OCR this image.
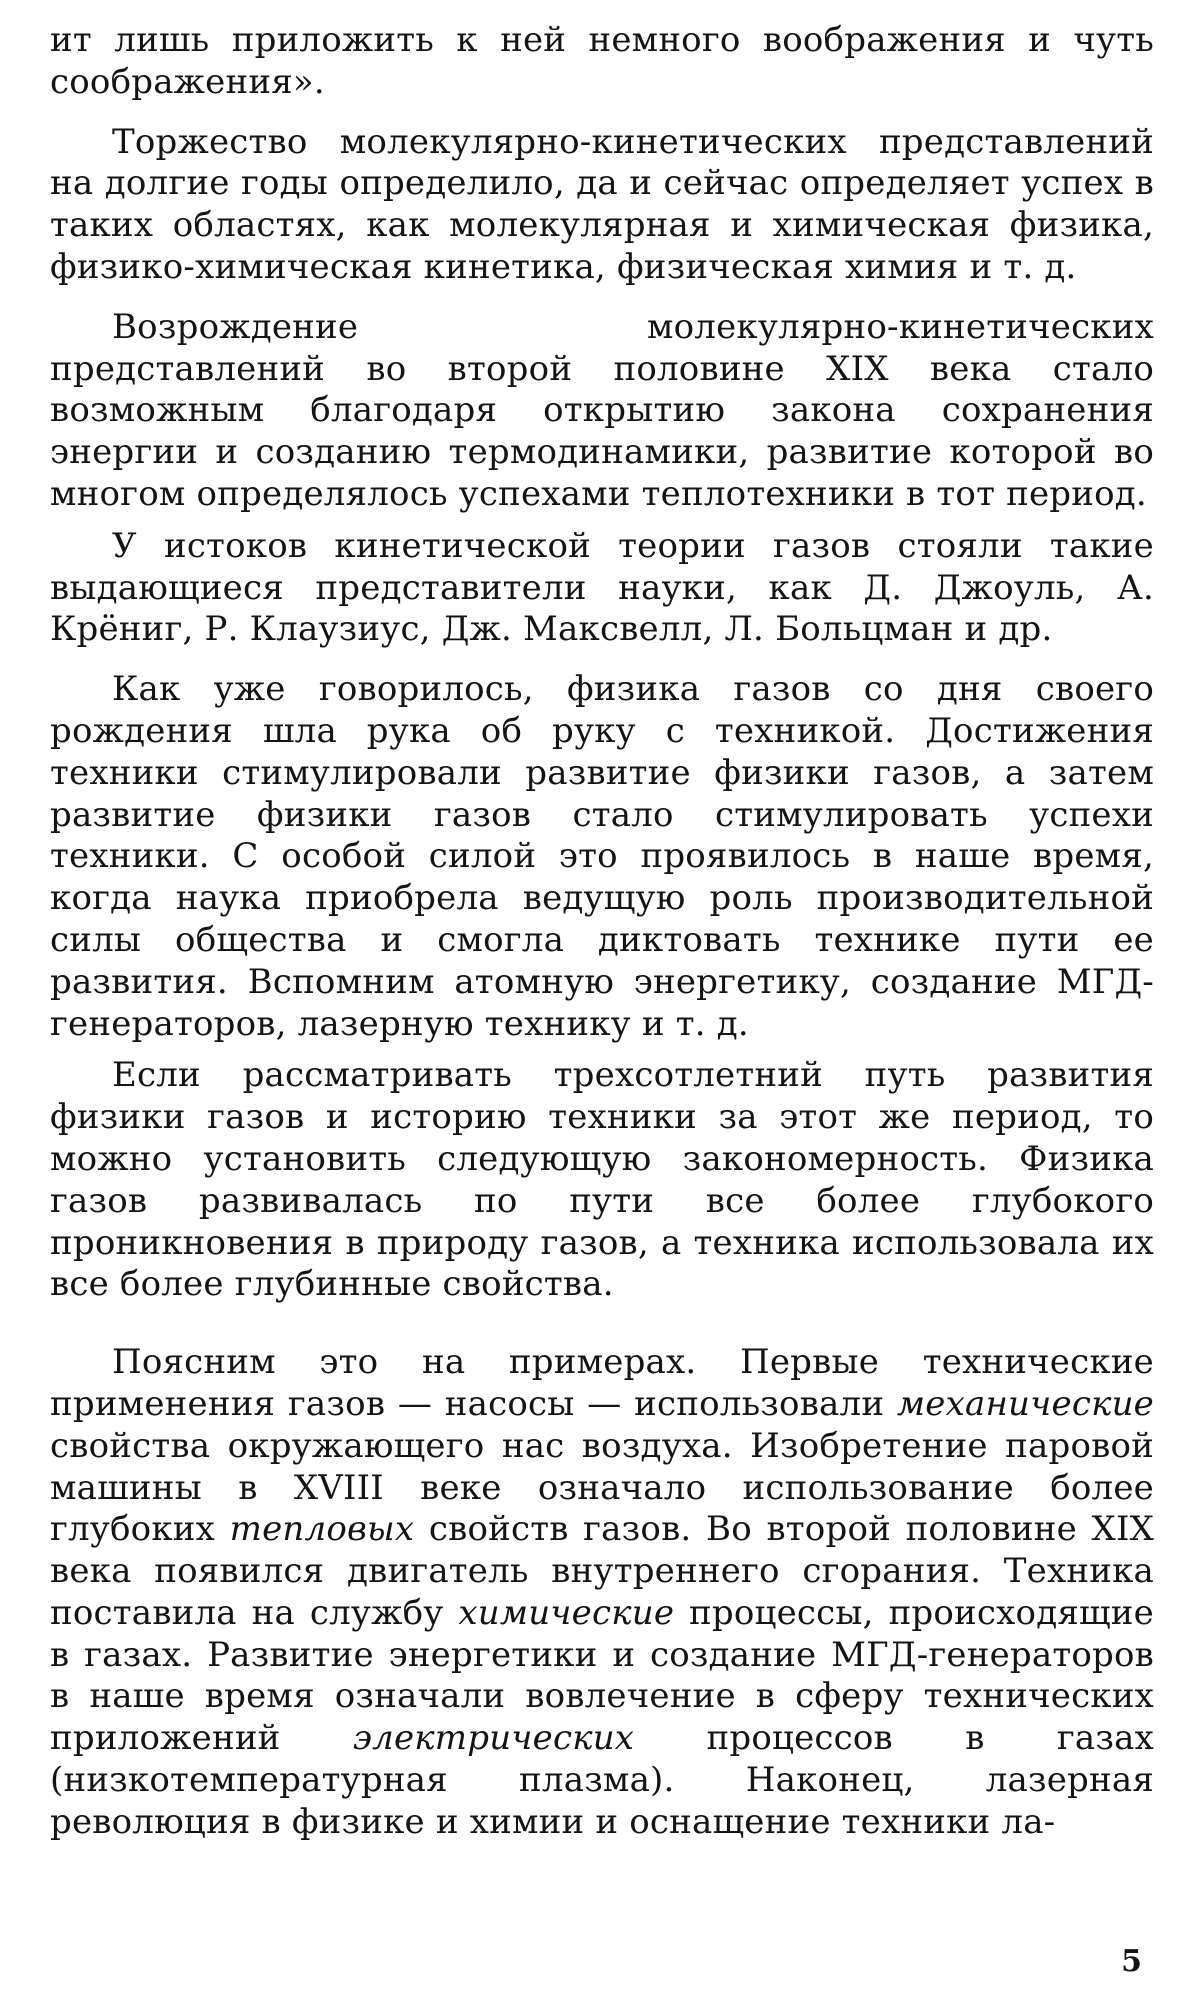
ит лишь приложить к ней немного воображения и чуть соображения».

Торжество молекулярно-кинетических представлений на долгие годы определило, да и сейчас определяет успех в таких областях, как молекулярная и химическая физика, физико-химическая кинетика, физическая химия и т. д.

Возрождение молекулярно-кинетических представлений во второй половине XIX века стало возможным благодаря открытию закона сохранения энергии и созданию термодинамики, развитие которой во многом определялось успехами теплотехники в тот период.

У истоков кинетической теории газов стояли такие выдающиеся представители науки, как Д. Джоуль, А. Крёниг, Р. Клаузиус, Дж. Максвелл, Л. Больцман и др.

Как уже говорилось, физика газов со дня своего рождения шла рука об руку с техникой. Достижения техники стимулировали развитие физики газов, а затем развитие физики газов стало стимулировать успехи техники. С особой силой это проявилось в наше время, когда наука приобрела ведущую роль производительной силы общества и смогла диктовать технике пути ее развития. Вспомним атомную энергетику, создание МГД-генераторов, лазерную технику и т. д.

Если рассматривать трехсотлетний путь развития физики газов и историю техники за этот же период, то можно установить следующую закономерность. Физика газов развивалась по пути все более глубокого проникновения в природу газов, а техника использовала их все более глубинные свойства.

Поясним это на примерах. Первые технические применения газов — насосы — использовали механические свойства окружающего нас воздуха. Изобретение паровой машины в XVIII веке означало использование более глубоких тепловых свойств газов. Во второй половине XIX века появился двигатель внутреннего сгорания. Техника поставила на службу химические процессы, происходящие в газах. Развитие энергетики и создание МГД-генераторов в наше время означали вовлечение в сферу технических приложений электрических процессов в газах (низкотемпературная плазма). Наконец, лазерная революция в физике и химии и оснащение техники ла-

5
